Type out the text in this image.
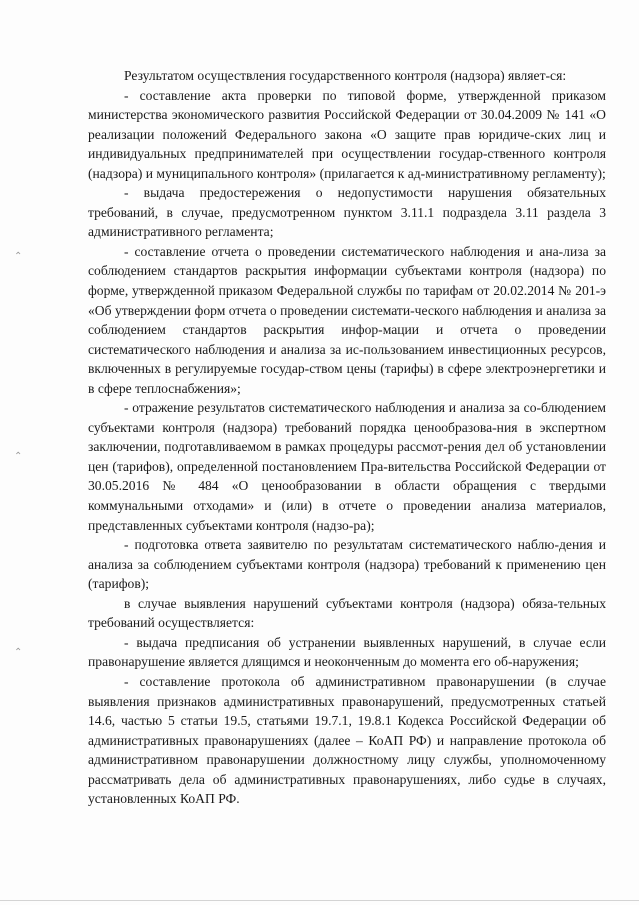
Результатом осуществления государственного контроля (надзора) являет-ся:

- составление акта проверки по типовой форме, утвержденной приказом министерства экономического развития Российской Федерации от 30.04.2009 № 141 «О реализации положений Федерального закона «О защите прав юридиче-ских лиц и индивидуальных предпринимателей при осуществлении государ-ственного контроля (надзора) и муниципального контроля» (прилагается к ад-министративному регламенту);

- выдача предостережения о недопустимости нарушения обязательных требований, в случае, предусмотренном пунктом 3.11.1 подраздела 3.11 раздела 3 административного регламента;

- составление отчета о проведении систематического наблюдения и ана-лиза за соблюдением стандартов раскрытия информации субъектами контроля (надзора) по форме, утвержденной приказом Федеральной службы по тарифам от 20.02.2014 № 201-э «Об утверждении форм отчета о проведении системати-ческого наблюдения и анализа за соблюдением стандартов раскрытия инфор-мации и отчета о проведении систематического наблюдения и анализа за ис-пользованием инвестиционных ресурсов, включенных в регулируемые государ-ством цены (тарифы) в сфере электроэнергетики и в сфере теплоснабжения»;

- отражение результатов систематического наблюдения и анализа за со-блюдением субъектами контроля (надзора) требований порядка ценообразова-ния в экспертном заключении, подготавливаемом в рамках процедуры рассмот-рения дел об установлении цен (тарифов), определенной постановлением Пра-вительства Российской Федерации от 30.05.2016 № 484 «О ценообразовании в области обращения с твердыми коммунальными отходами» и (или) в отчете о проведении анализа материалов, представленных субъектами контроля (надзо-ра);

- подготовка ответа заявителю по результатам систематического наблю-дения и анализа за соблюдением субъектами контроля (надзора) требований к применению цен (тарифов);

в случае выявления нарушений субъектами контроля (надзора) обяза-тельных требований осуществляется:

- выдача предписания об устранении выявленных нарушений, в случае если правонарушение является длящимся и неоконченным до момента его об-наружения;

- составление протокола об административном правонарушении (в случае выявления признаков административных правонарушений, предусмотренных статьей 14.6, частью 5 статьи 19.5, статьями 19.7.1, 19.8.1 Кодекса Российской Федерации об административных правонарушениях (далее – КоАП РФ) и направление протокола об административном правонарушении должностному лицу службы, уполномоченному рассматривать дела об административных правонарушениях, либо судье в случаях, установленных КоАП РФ.

⌃
⌃
⌃
